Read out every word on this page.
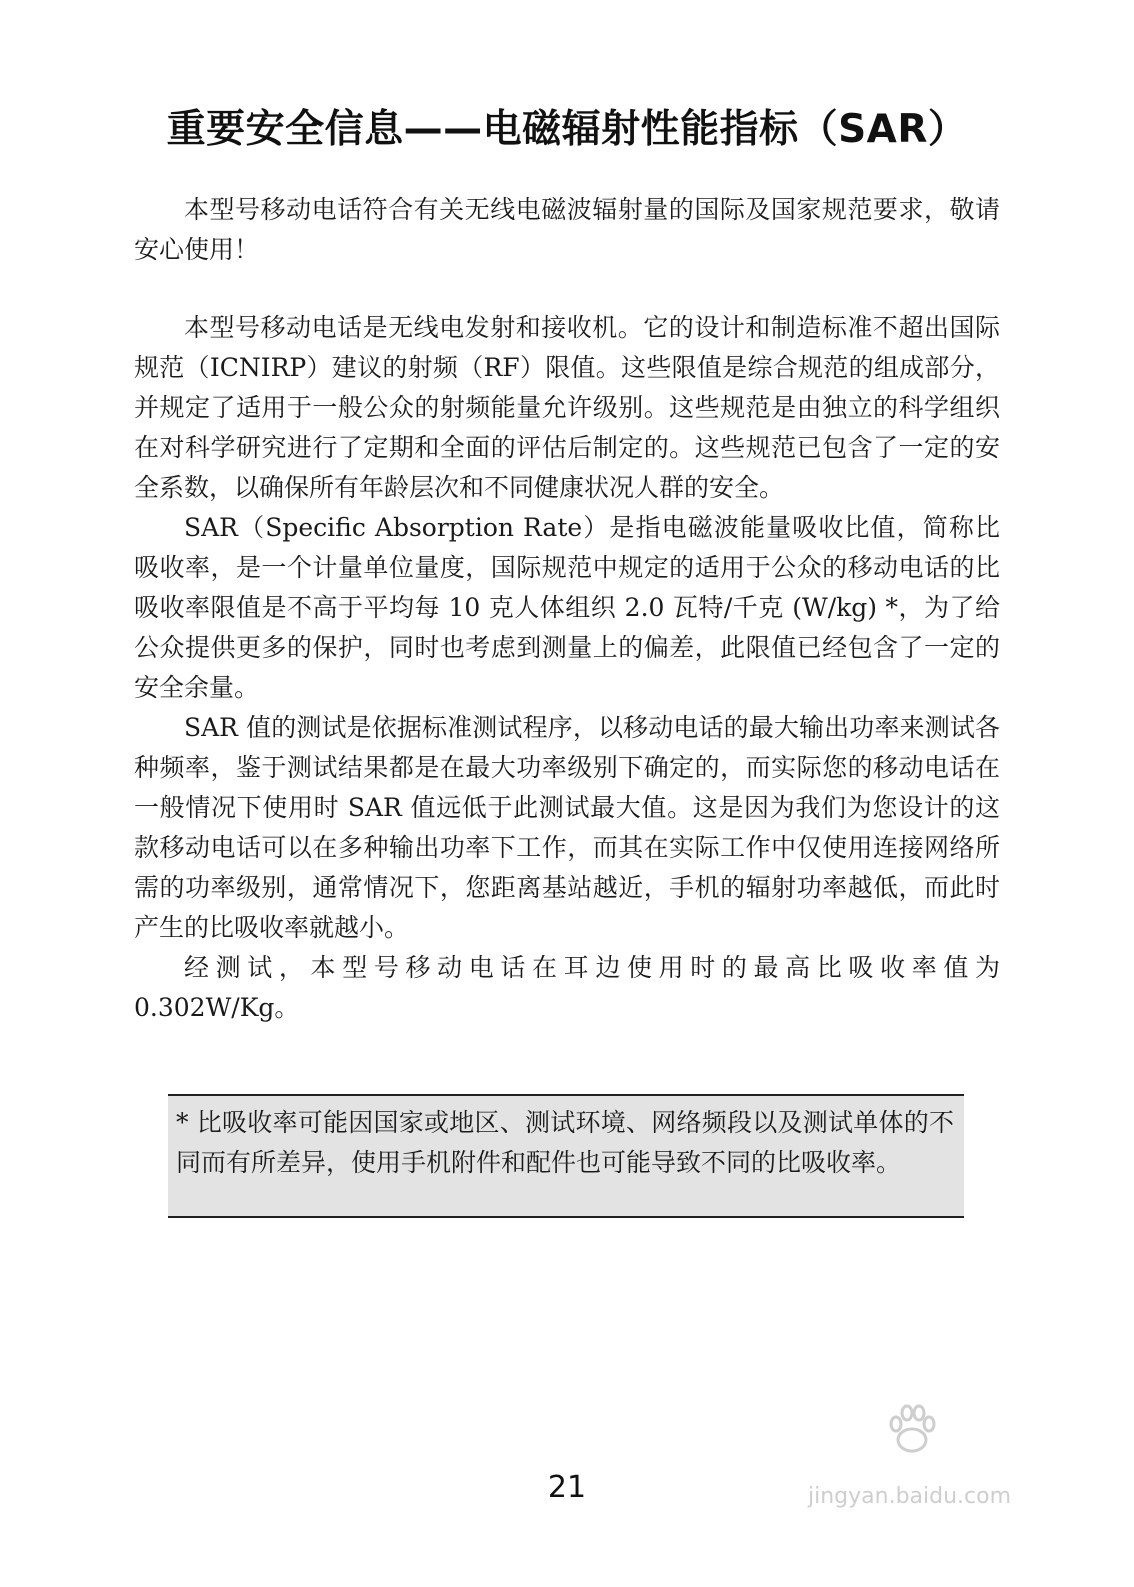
重要安全信息——电磁辐射性能指标（SAR）

本型号移动电话符合有关无线电磁波辐射量的国际及国家规范要求，敬请安心使用！

本型号移动电话是无线电发射和接收机。它的设计和制造标准不超出国际规范（ICNIRP）建议的射频（RF）限值。这些限值是综合规范的组成部分，并规定了适用于一般公众的射频能量允许级别。这些规范是由独立的科学组织在对科学研究进行了定期和全面的评估后制定的。这些规范已包含了一定的安全系数，以确保所有年龄层次和不同健康状况人群的安全。

SAR（Specific Absorption Rate）是指电磁波能量吸收比值，简称比吸收率，是一个计量单位量度，国际规范中规定的适用于公众的移动电话的比吸收率限值是不高于平均每 10 克人体组织 2.0 瓦特/千克 (W/kg) *，为了给公众提供更多的保护，同时也考虑到测量上的偏差，此限值已经包含了一定的安全余量。

SAR 值的测试是依据标准测试程序，以移动电话的最大输出功率来测试各种频率，鉴于测试结果都是在最大功率级别下确定的，而实际您的移动电话在一般情况下使用时 SAR 值远低于此测试最大值。这是因为我们为您设计的这款移动电话可以在多种输出功率下工作，而其在实际工作中仅使用连接网络所需的功率级别，通常情况下，您距离基站越近，手机的辐射功率越低，而此时产生的比吸收率就越小。

经测试，本型号移动电话在耳边使用时的最高比吸收率值为 0.302W/Kg。

* 比吸收率可能因国家或地区、测试环境、网络频段以及测试单体的不同而有所差异，使用手机附件和配件也可能导致不同的比吸收率。

21	jingyan.baidu.com
